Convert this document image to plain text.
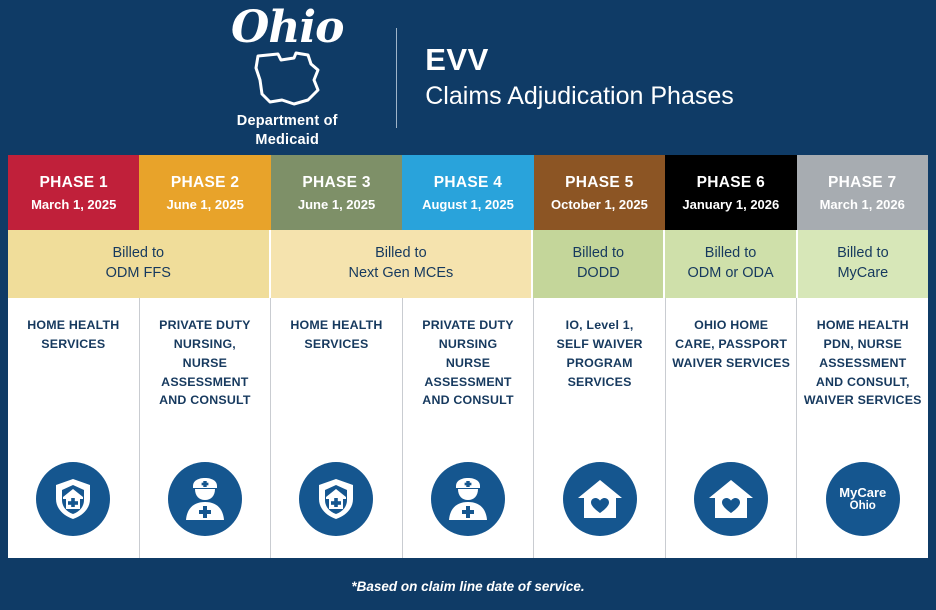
Ohio
Department of
Medicaid
EVV
Claims Adjudication Phases
PHASE 1
March 1, 2025
PHASE 2
June 1, 2025
PHASE 3
June 1, 2025
PHASE 4
August 1, 2025
PHASE 5
October 1, 2025
PHASE 6
January 1, 2026
PHASE 7
March 1, 2026
Billed to
ODM FFS
Billed to
Next Gen MCEs
Billed to
DODD
Billed to
ODM or ODA
Billed to
MyCare
HOME HEALTH
SERVICES
PRIVATE DUTY
NURSING,
NURSE
ASSESSMENT
AND CONSULT
HOME HEALTH
SERVICES
PRIVATE DUTY
NURSING
NURSE
ASSESSMENT
AND CONSULT
IO, Level 1,
SELF WAIVER
PROGRAM
SERVICES
OHIO HOME
CARE, PASSPORT
WAIVER SERVICES
HOME HEALTH
PDN, NURSE
ASSESSMENT
AND CONSULT,
WAIVER SERVICES
MyCare
Ohio
*Based on claim line date of service.
